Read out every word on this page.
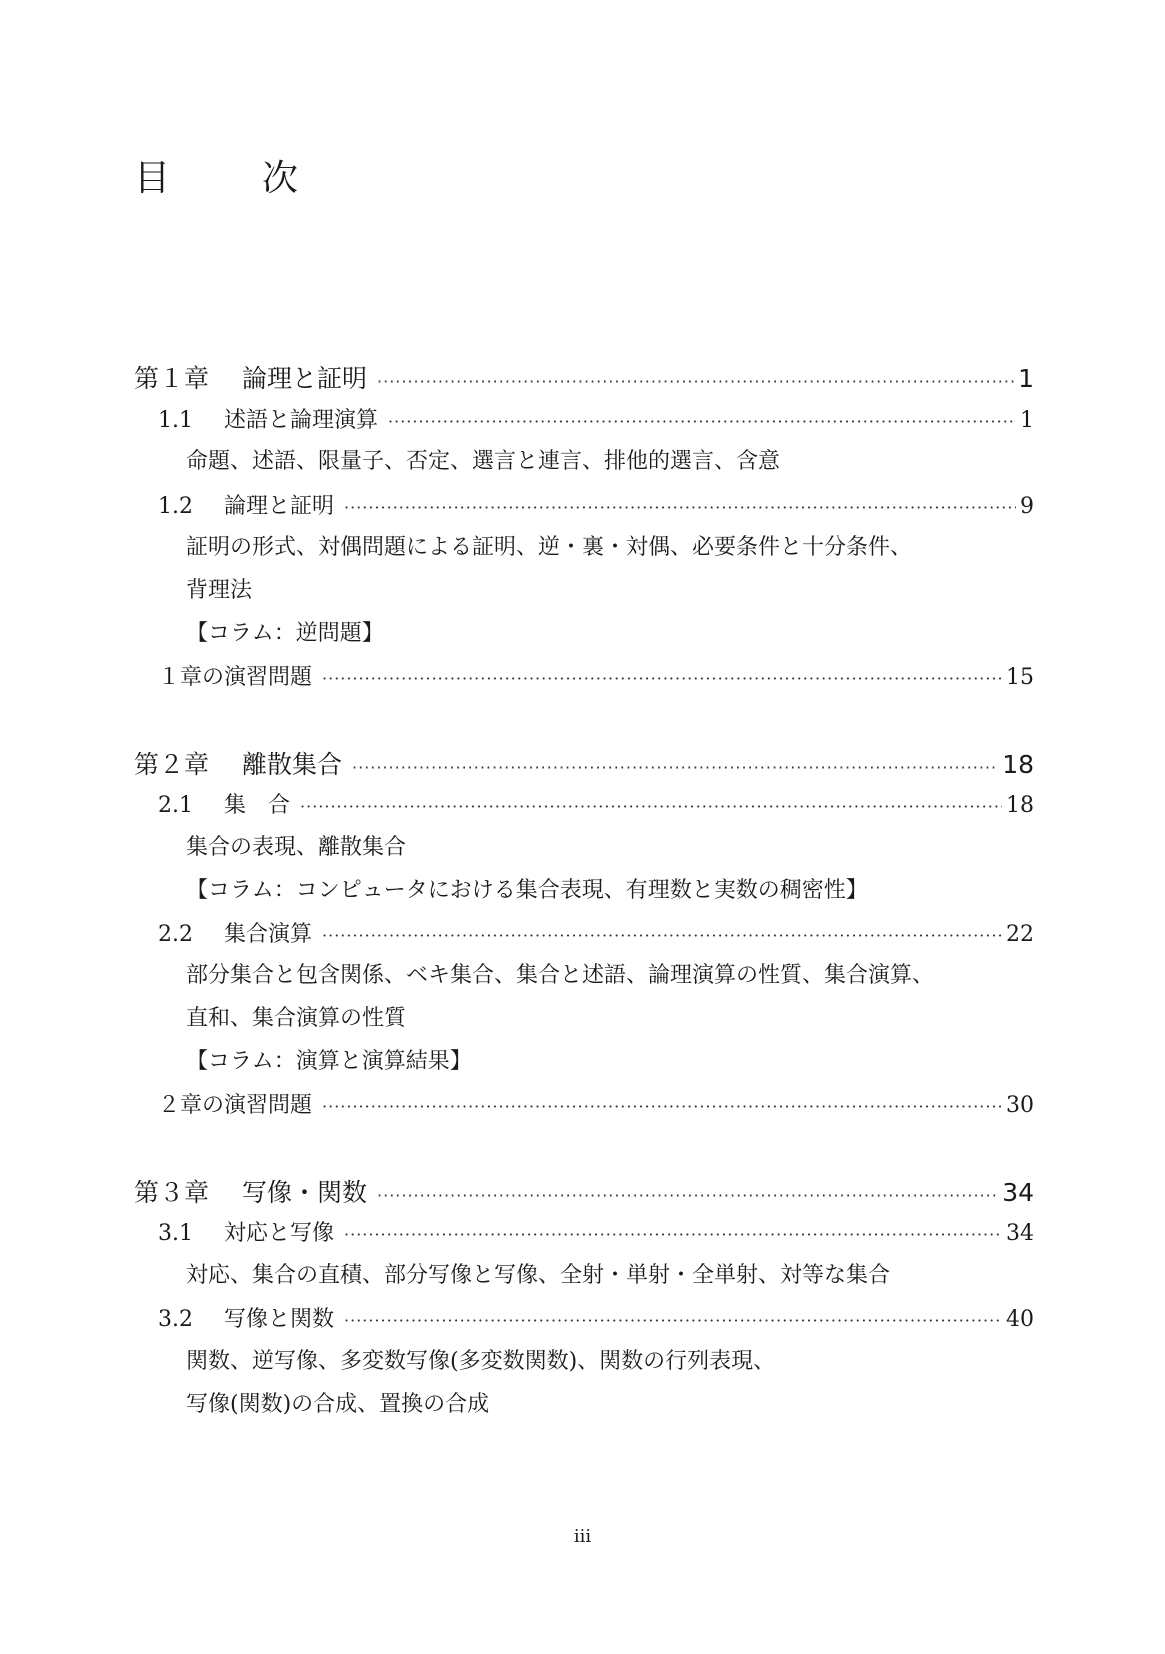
目　次
第１章	論理と証明 ·····	1
1.1	述語と論理演算 ·····	1

命題、述語、限量子、否定、選言と連言、排他的選言、含意

1.2	論理と証明 ·····	9

証明の形式、対偶問題による証明、逆・裏・対偶、必要条件と十分条件、
背理法
【コラム：逆問題】

１章の演習問題 ·····	15
第２章	離散集合 ·····	18
2.1	集　合 ·····	18

集合の表現、離散集合
【コラム：コンピュータにおける集合表現、有理数と実数の稠密性】

2.2	集合演算 ·····	22

部分集合と包含関係、ベキ集合、集合と述語、論理演算の性質、集合演算、
直和、集合演算の性質
【コラム：演算と演算結果】

２章の演習問題 ·····	30
第３章	写像・関数 ·····	34
3.1	対応と写像 ·····	34

対応、集合の直積、部分写像と写像、全射・単射・全単射、対等な集合

3.2	写像と関数 ·····	40

関数、逆写像、多変数写像(多変数関数)、関数の行列表現、
写像(関数)の合成、置換の合成

iii
